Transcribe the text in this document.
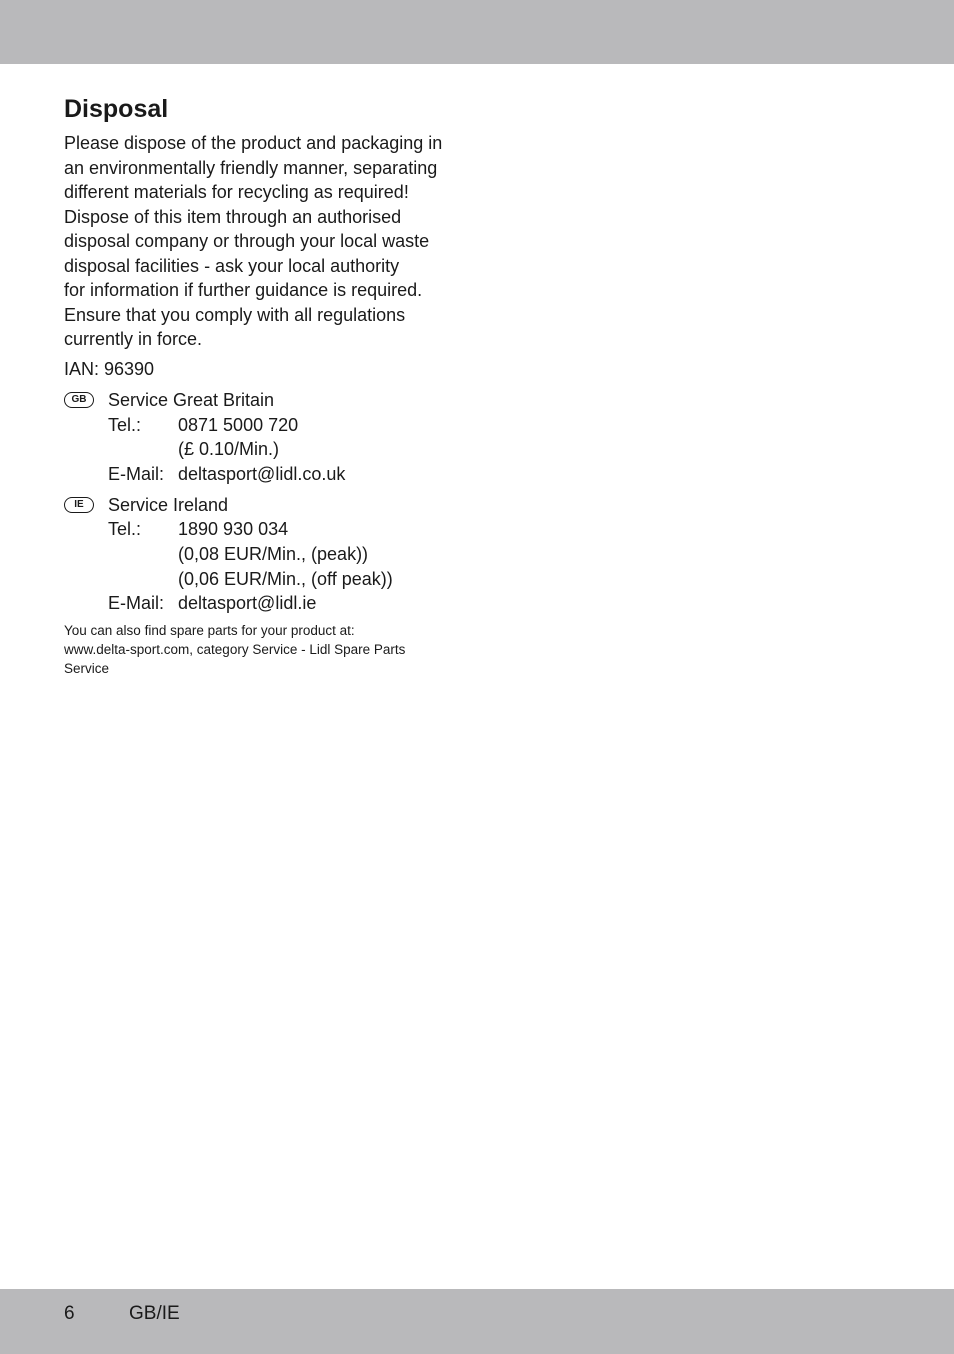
Disposal
Please dispose of the product and packaging in
an environmentally friendly manner, separating
different materials for recycling as required!
Dispose of this item through an authorised
disposal company or through your local waste
disposal facilities - ask your local authority
for information if further guidance is required.
Ensure that you comply with all regulations
currently in force.
IAN: 96390
GB	Service Great Britain
Tel.: 0871 5000 720
(£ 0.10/Min.)
E-Mail: deltasport@lidl.co.uk
IE	Service Ireland
Tel.: 1890 930 034
(0,08 EUR/Min., (peak))
(0,06 EUR/Min., (off peak))
E-Mail: deltasport@lidl.ie
You can also find spare parts for your product at:
www.delta-sport.com, category Service - Lidl Spare Parts
Service
6	GB/IE
